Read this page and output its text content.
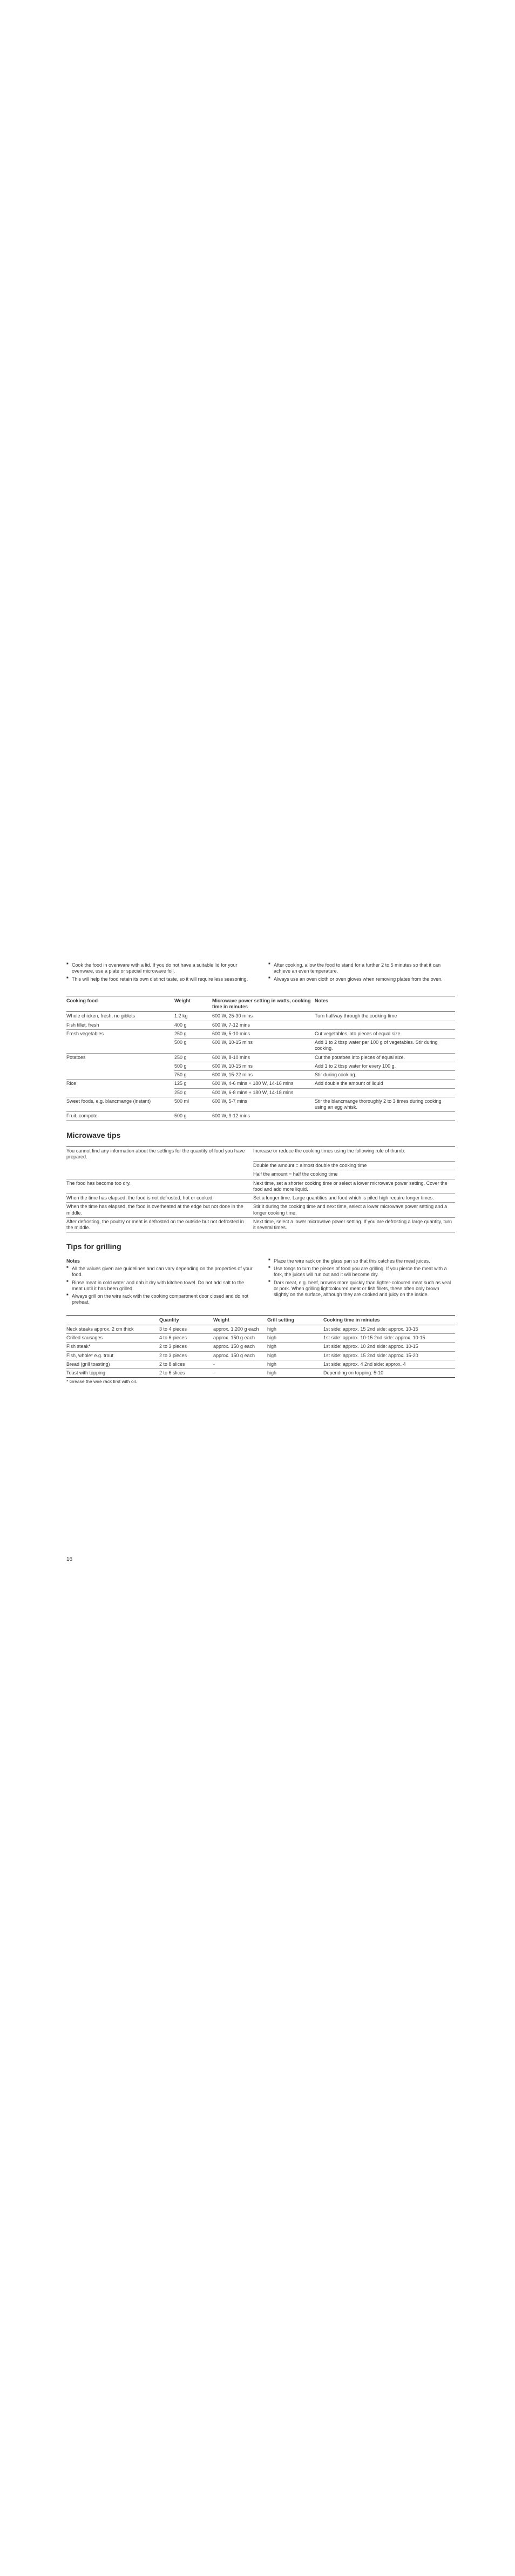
■ Cook the food in ovenware with a lid. If you do not have a suitable lid for your ovenware, use a plate or special microwave foil.
■ This will help the food retain its own distinct taste, so it will require less seasoning.
■ After cooking, allow the food to stand for a further 2 to 5 minutes so that it can achieve an even temperature.
■ Always use an oven cloth or oven gloves when removing plates from the oven.
Cooking food	Weight	Microwave power setting in watts, cooking time in minutes	Notes
Whole chicken, fresh, no giblets	1.2 kg	600 W, 25-30 mins	Turn halfway through the cooking time
Fish fillet, fresh	400 g	600 W, 7-12 mins	
Fresh vegetables	250 g	600 W, 5-10 mins	Cut vegetables into pieces of equal size.
	500 g	600 W, 10-15 mins	Add 1 to 2 tbsp water per 100 g of vegetables. Stir during cooking.
Potatoes	250 g	600 W, 8-10 mins	Cut the potatoes into pieces of equal size.
	500 g	600 W, 10-15 mins	Add 1 to 2 tbsp water for every 100 g.
	750 g	600 W, 15-22 mins	Stir during cooking.
Rice	125 g	600 W, 4-6 mins + 180 W, 14-16 mins	Add double the amount of liquid
	250 g	600 W, 6-8 mins + 180 W, 14-18 mins	
Sweet foods, e.g. blancmange (instant)	500 ml	600 W, 5-7 mins	Stir the blancmange thoroughly 2 to 3 times during cooking using an egg whisk.
Fruit, compote	500 g	600 W, 9-12 mins	
Microwave tips
You cannot find any information about the settings for the quantity of food you have prepared.	Increase or reduce the cooking times using the following rule of thumb:
	Double the amount = almost double the cooking time
	Half the amount = half the cooking time
The food has become too dry.	Next time, set a shorter cooking time or select a lower microwave power setting. Cover the food and add more liquid.
When the time has elapsed, the food is not defrosted, hot or cooked.	Set a longer time. Large quantities and food which is piled high require longer times.
When the time has elapsed, the food is overheated at the edge but not done in the middle.	Stir it during the cooking time and next time, select a lower microwave power setting and a longer cooking time.
After defrosting, the poultry or meat is defrosted on the outside but not defrosted in the middle.	Next time, select a lower microwave power setting. If you are defrosting a large quantity, turn it several times.
Tips for grilling
Notes
■ All the values given are guidelines and can vary depending on the properties of your food.
■ Rinse meat in cold water and dab it dry with kitchen towel. Do not add salt to the meat until it has been grilled.
■ Always grill on the wire rack with the cooking compartment door closed and do not preheat.
■ Place the wire rack on the glass pan so that this catches the meat juices.
■ Use tongs to turn the pieces of food you are grilling. If you pierce the meat with a fork, the juices will run out and it will become dry.
■ Dark meat, e.g. beef, browns more quickly than lighter-coloured meat such as veal or pork. When grilling lightcoloured meat or fish fillets, these often only brown slightly on the surface, although they are cooked and juicy on the inside.
	Quantity	Weight	Grill setting	Cooking time in minutes
Neck steaks approx. 2 cm thick	3 to 4 pieces	approx. 1,200 g each	high	1st side: approx. 15 2nd side: approx. 10-15
Grilled sausages	4 to 6 pieces	approx. 150 g each	high	1st side: approx. 10-15 2nd side: approx. 10-15
Fish steak*	2 to 3 pieces	approx. 150 g each	high	1st side: approx. 10 2nd side: approx. 10-15
Fish, whole* e.g. trout	2 to 3 pieces	approx. 150 g each	high	1st side: approx. 15 2nd side: approx. 15-20
Bread (grill toasting)	2 to 8 slices	-	high	1st side: approx. 4 2nd side: approx. 4
Toast with topping	2 to 6 slices	-	high	Depending on topping: 5-10
* Grease the wire rack first with oil.
16
